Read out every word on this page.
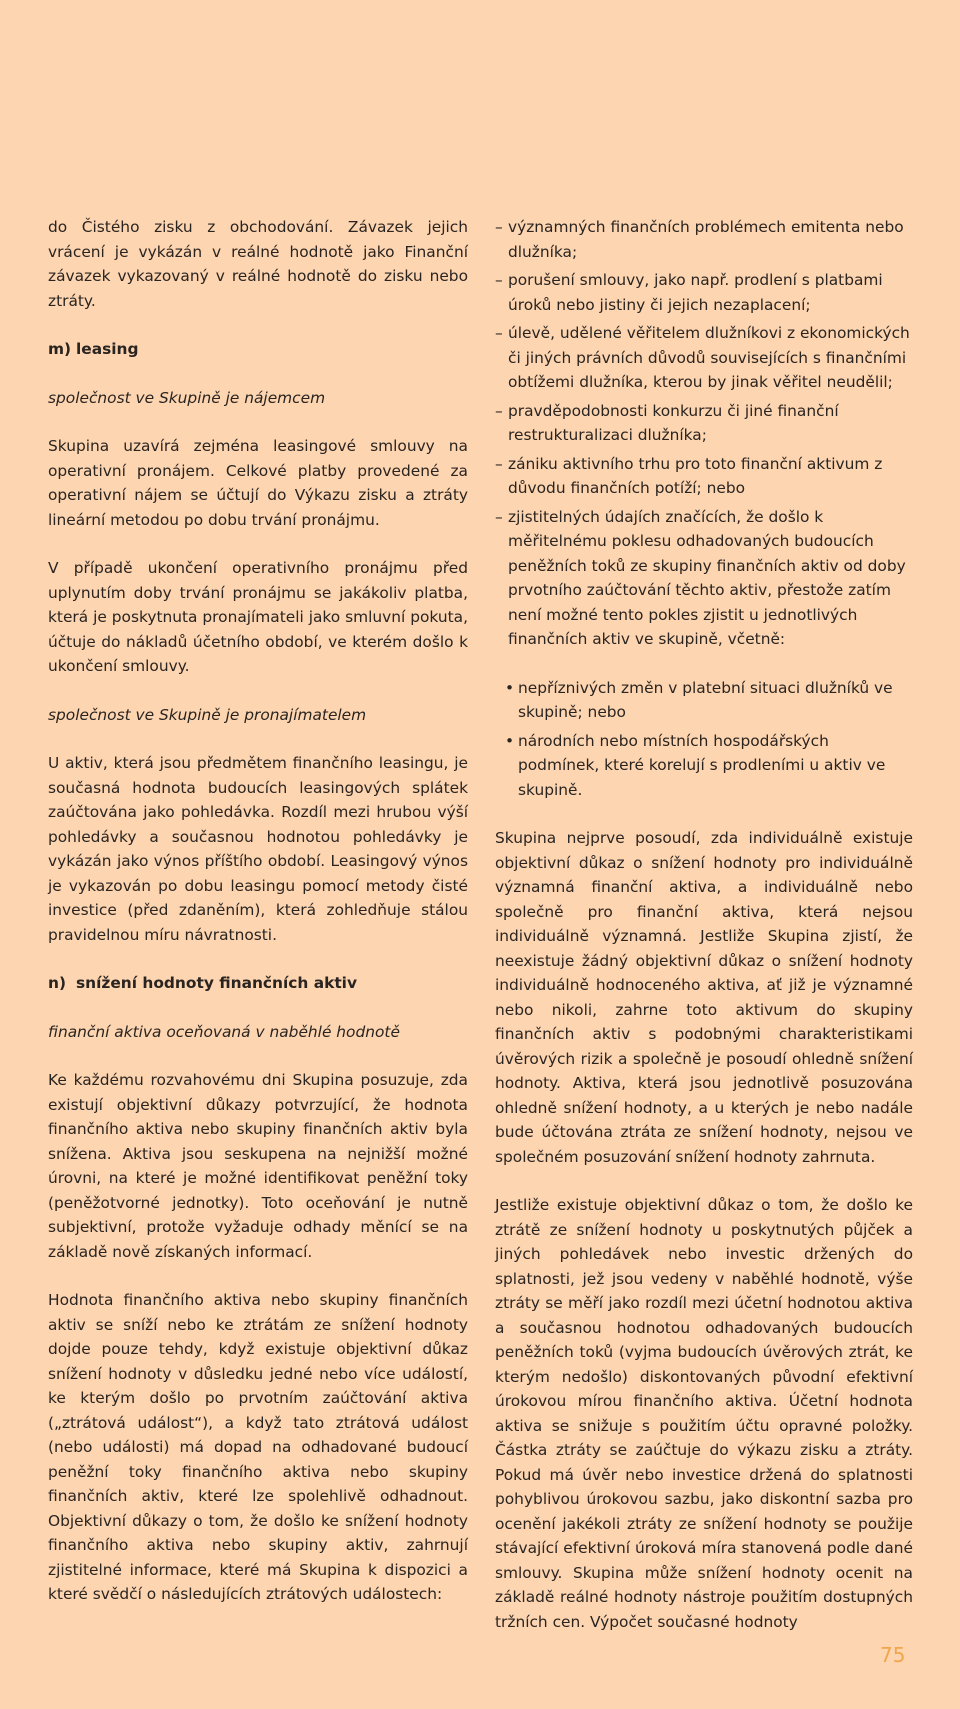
do Čistého zisku z obchodování. Závazek jejich vrácení je vykázán v reálné hodnotě jako Finanční závazek vykazovaný v reálné hodnotě do zisku nebo ztráty.

m) leasing
společnost ve Skupině je nájemcem

Skupina uzavírá zejména leasingové smlouvy na operativní pronájem. Celkové platby provedené za operativní nájem se účtují do Výkazu zisku a ztráty lineární metodou po dobu trvání pronájmu.

V případě ukončení operativního pronájmu před uplynutím doby trvání pronájmu se jakákoliv platba, která je poskytnuta pronajímateli jako smluvní pokuta, účtuje do nákladů účetního období, ve kterém došlo k ukončení smlouvy.

společnost ve Skupině je pronajímatelem

U aktiv, která jsou předmětem finančního leasingu, je současná hodnota budoucích leasingových splátek zaúčtována jako pohledávka. Rozdíl mezi hrubou výší pohledávky a současnou hodnotou pohledávky je vykázán jako výnos příštího období. Leasingový výnos je vykazován po dobu leasingu pomocí metody čisté investice (před zdaněním), která zohledňuje stálou pravidelnou míru návratnosti.

n) snížení hodnoty finančních aktiv
finanční aktiva oceňovaná v naběhlé hodnotě

Ke každému rozvahovému dni Skupina posuzuje, zda existují objektivní důkazy potvrzující, že hodnota finančního aktiva nebo skupiny finančních aktiv byla snížena. Aktiva jsou seskupena na nejnižší možné úrovni, na které je možné identifikovat peněžní toky (peněžotvorné jednotky). Toto oceňování je nutně subjektivní, protože vyžaduje odhady měnící se na základě nově získaných informací.

Hodnota finančního aktiva nebo skupiny finančních aktiv se sníží nebo ke ztrátám ze snížení hodnoty dojde pouze tehdy, když existuje objektivní důkaz snížení hodnoty v důsledku jedné nebo více událostí, ke kterým došlo po prvotním zaúčtování aktiva („ztrátová událost“), a když tato ztrátová událost (nebo události) má dopad na odhadované budoucí peněžní toky finančního aktiva nebo skupiny finančních aktiv, které lze spolehlivě odhadnout. Objektivní důkazy o tom, že došlo ke snížení hodnoty finančního aktiva nebo skupiny aktiv, zahrnují zjistitelné informace, které má Skupina k dispozici a které svědčí o následujících ztrátových událostech:

– významných finančních problémech emitenta nebo dlužníka;
– porušení smlouvy, jako např. prodlení s platbami úroků nebo jistiny či jejich nezaplacení;
– úlevě, udělené věřitelem dlužníkovi z ekonomických či jiných právních důvodů souvisejících s finančními obtížemi dlužníka, kterou by jinak věřitel neudělil;
– pravděpodobnosti konkurzu či jiné finanční restrukturalizaci dlužníka;
– zániku aktivního trhu pro toto finanční aktivum z důvodu finančních potíží; nebo
– zjistitelných údajích značících, že došlo k měřitelnému poklesu odhadovaných budoucích peněžních toků ze skupiny finančních aktiv od doby prvotního zaúčtování těchto aktiv, přestože zatím není možné tento pokles zjistit u jednotlivých finančních aktiv ve skupině, včetně:
• nepříznivých změn v platební situaci dlužníků ve skupině; nebo
• národních nebo místních hospodářských podmínek, které korelují s prodleními u aktiv ve skupině.

Skupina nejprve posoudí, zda individuálně existuje objektivní důkaz o snížení hodnoty pro individuálně významná finanční aktiva, a individuálně nebo společně pro finanční aktiva, která nejsou individuálně významná. Jestliže Skupina zjistí, že neexistuje žádný objektivní důkaz o snížení hodnoty individuálně hodnoceného aktiva, ať již je významné nebo nikoli, zahrne toto aktivum do skupiny finančních aktiv s podobnými charakteristikami úvěrových rizik a společně je posoudí ohledně snížení hodnoty. Aktiva, která jsou jednotlivě posuzována ohledně snížení hodnoty, a u kterých je nebo nadále bude účtována ztráta ze snížení hodnoty, nejsou ve společném posuzování snížení hodnoty zahrnuta.

Jestliže existuje objektivní důkaz o tom, že došlo ke ztrátě ze snížení hodnoty u poskytnutých půjček a jiných pohledávek nebo investic držených do splatnosti, jež jsou vedeny v naběhlé hodnotě, výše ztráty se měří jako rozdíl mezi účetní hodnotou aktiva a současnou hodnotou odhadovaných budoucích peněžních toků (vyjma budoucích úvěrových ztrát, ke kterým nedošlo) diskontovaných původní efektivní úrokovou mírou finančního aktiva. Účetní hodnota aktiva se snižuje s použitím účtu opravné položky. Částka ztráty se zaúčtuje do výkazu zisku a ztráty. Pokud má úvěr nebo investice držená do splatnosti pohyblivou úrokovou sazbu, jako diskontní sazba pro ocenění jakékoli ztráty ze snížení hodnoty se použije stávající efektivní úroková míra stanovená podle dané smlouvy. Skupina může snížení hodnoty ocenit na základě reálné hodnoty nástroje použitím dostupných tržních cen. Výpočet současné hodnoty

75
